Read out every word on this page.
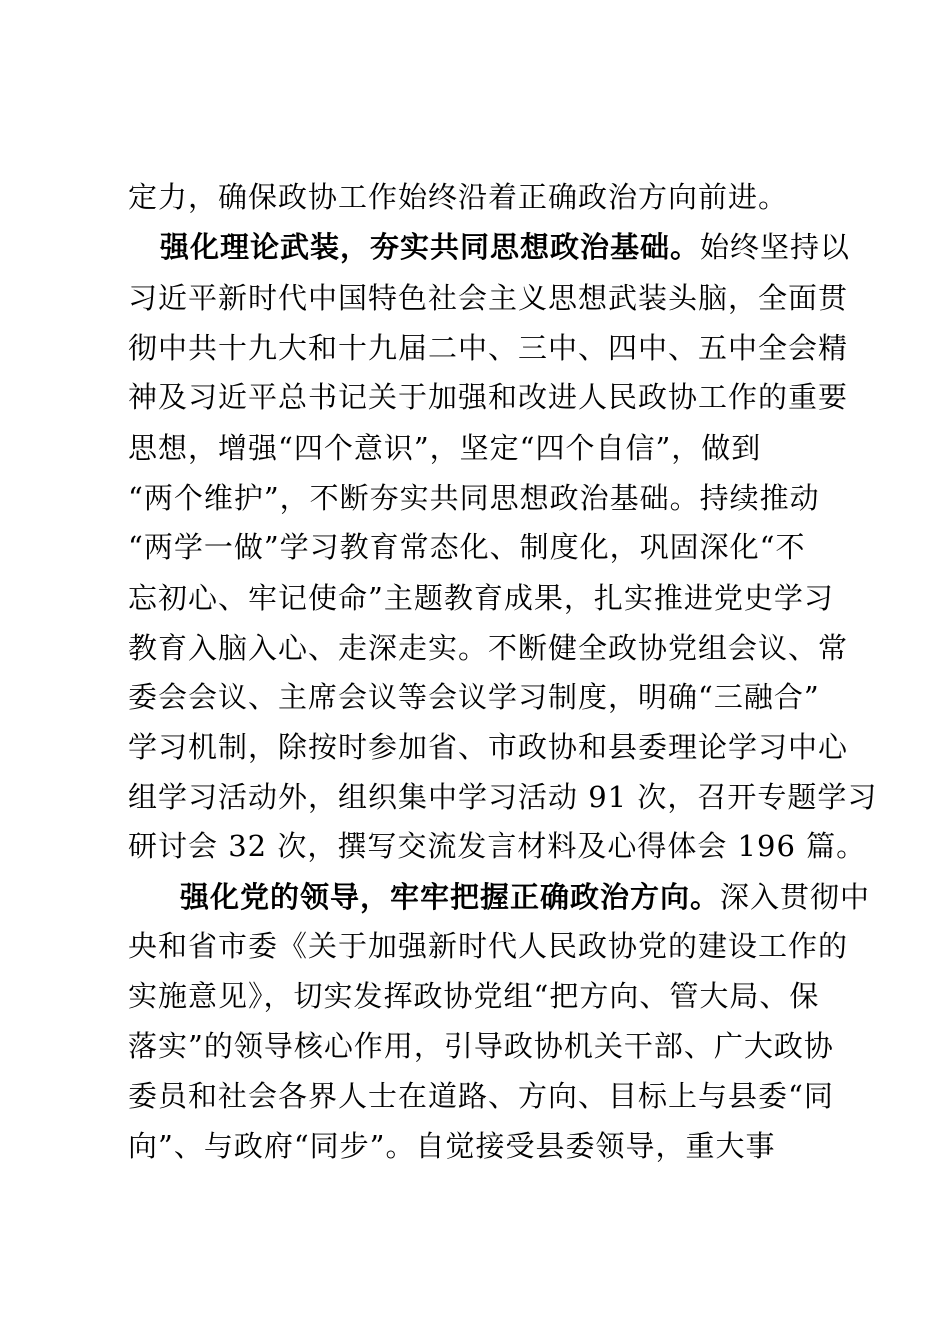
定力，确保政协工作始终沿着正确政治方向前进。
强化理论武装，夯实共同思想政治基础。始终坚持以
习近平新时代中国特色社会主义思想武装头脑，全面贯
彻中共十九大和十九届二中、三中、四中、五中全会精
神及习近平总书记关于加强和改进人民政协工作的重要
思想，增强“四个意识”，坚定“四个自信”，做到
“两个维护”，不断夯实共同思想政治基础。持续推动
“两学一做”学习教育常态化、制度化，巩固深化“不
忘初心、牢记使命”主题教育成果，扎实推进党史学习
教育入脑入心、走深走实。不断健全政协党组会议、常
委会会议、主席会议等会议学习制度，明确“三融合”
学习机制，除按时参加省、市政协和县委理论学习中心
组学习活动外，组织集中学习活动 91 次，召开专题学习
研讨会 32 次，撰写交流发言材料及心得体会 196 篇。
强化党的领导，牢牢把握正确政治方向。深入贯彻中
央和省市委《关于加强新时代人民政协党的建设工作的
实施意见》，切实发挥政协党组“把方向、管大局、保
落实”的领导核心作用，引导政协机关干部、广大政协
委员和社会各界人士在道路、方向、目标上与县委“同
向”、与政府“同步”。自觉接受县委领导，重大事
